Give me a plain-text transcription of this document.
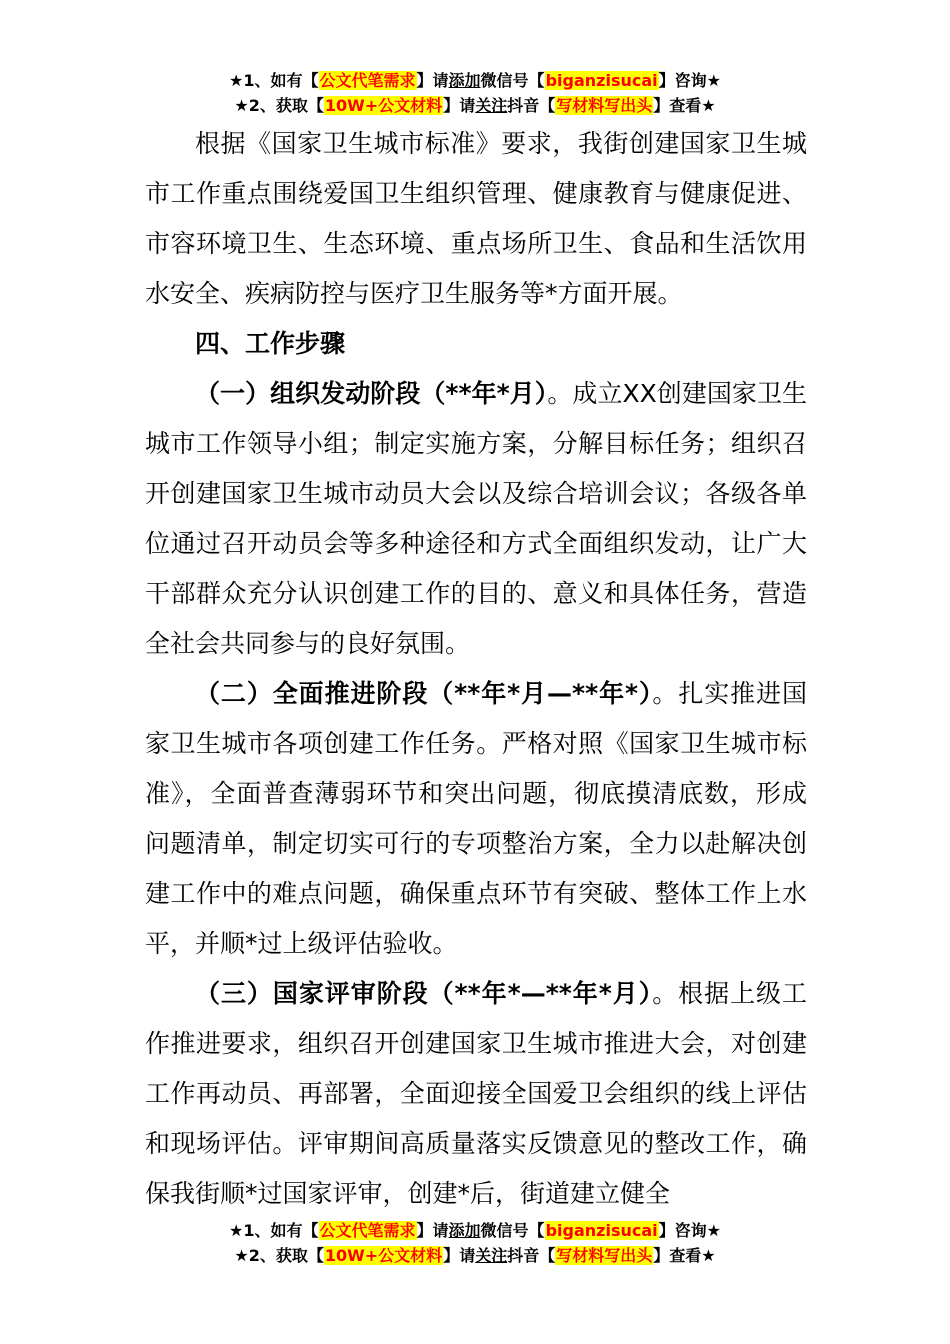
★1、如有【公文代笔需求】请添加微信号【biganzisucai】咨询★
★2、获取【10W+公文材料】请关注抖音【写材料写出头】查看★

根据《国家卫生城市标准》要求，我街创建国家卫生城市工作重点围绕爱国卫生组织管理、健康教育与健康促进、市容环境卫生、生态环境、重点场所卫生、食品和生活饮用水安全、疾病防控与医疗卫生服务等*方面开展。

四、工作步骤

（一）组织发动阶段（**年*月）。成立XX创建国家卫生城市工作领导小组；制定实施方案，分解目标任务；组织召开创建国家卫生城市动员大会以及综合培训会议；各级各单位通过召开动员会等多种途径和方式全面组织发动，让广大干部群众充分认识创建工作的目的、意义和具体任务，营造全社会共同参与的良好氛围。

（二）全面推进阶段（**年*月—**年*）。扎实推进国家卫生城市各项创建工作任务。严格对照《国家卫生城市标准》，全面普查薄弱环节和突出问题，彻底摸清底数，形成问题清单，制定切实可行的专项整治方案，全力以赴解决创建工作中的难点问题，确保重点环节有突破、整体工作上水平，并顺*过上级评估验收。

（三）国家评审阶段（**年*—**年*月）。根据上级工作推进要求，组织召开创建国家卫生城市推进大会，对创建工作再动员、再部署，全面迎接全国爱卫会组织的线上评估和现场评估。评审期间高质量落实反馈意见的整改工作，确保我街顺*过国家评审，创建*后，街道建立健全

★1、如有【公文代笔需求】请添加微信号【biganzisucai】咨询★
★2、获取【10W+公文材料】请关注抖音【写材料写出头】查看★
